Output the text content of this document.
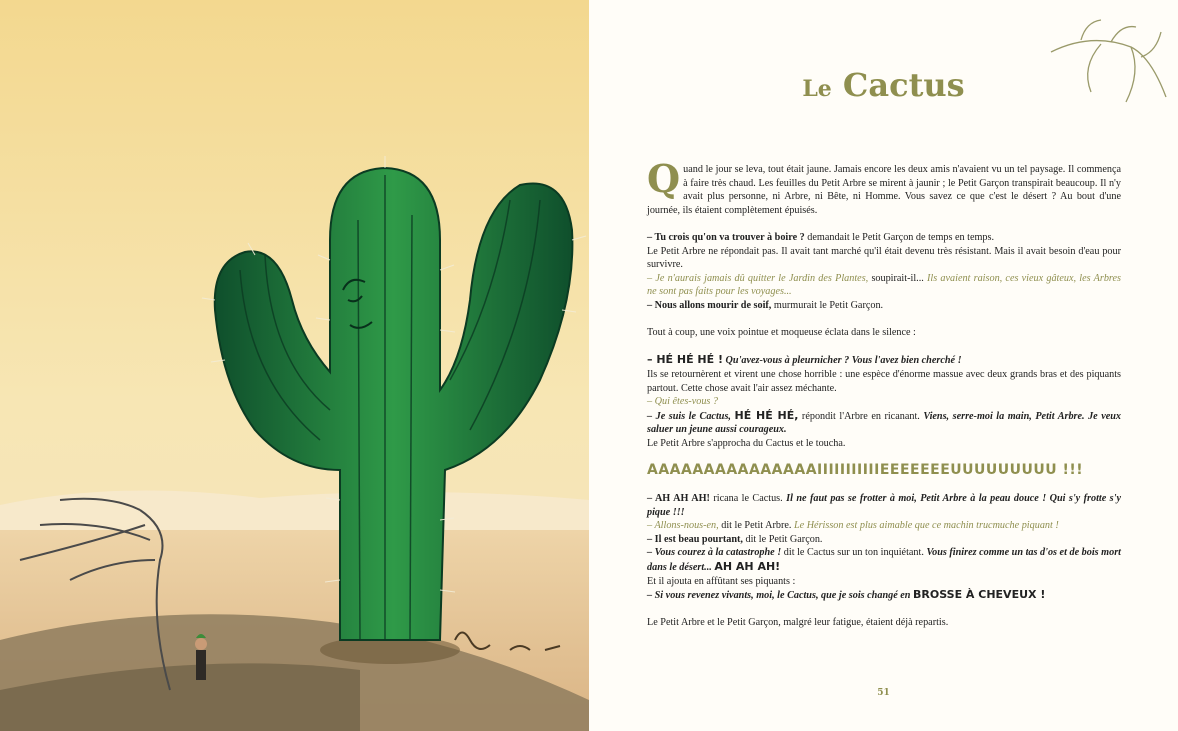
Le Cactus

Quand le jour se leva, tout était jaune. Jamais encore les deux amis n'avaient vu un tel paysage. Il commença à faire très chaud. Les feuilles du Petit Arbre se mirent à jaunir ; le Petit Garçon transpirait beaucoup. Il n'y avait plus personne, ni Arbre, ni Bête, ni Homme. Vous savez ce que c'est le désert ? Au bout d'une journée, ils étaient complètement épuisés.

– Tu crois qu'on va trouver à boire ? demandait le Petit Garçon de temps en temps.

Le Petit Arbre ne répondait pas. Il avait tant marché qu'il était devenu très résistant. Mais il avait besoin d'eau pour survivre.

– Je n'aurais jamais dû quitter le Jardin des Plantes, soupirait-il... Ils avaient raison, ces vieux gâteux, les Arbres ne sont pas faits pour les voyages...

– Nous allons mourir de soif, murmurait le Petit Garçon.

Tout à coup, une voix pointue et moqueuse éclata dans le silence :

– HÉ HÉ HÉ ! Qu'avez-vous à pleurnicher ? Vous l'avez bien cherché !

Ils se retournèrent et virent une chose horrible : une espèce d'énorme massue avec deux grands bras et des piquants partout. Cette chose avait l'air assez méchante.

– Qui êtes-vous ?

– Je suis le Cactus, HÉ HÉ HÉ, répondit l'Arbre en ricanant. Viens, serre-moi la main, Petit Arbre. Je veux saluer un jeune aussi courageux.

Le Petit Arbre s'approcha du Cactus et le toucha.

AAAAAAAAAAAAAAAIIIIIIIIIIIEEEEEEEUUUUUUUUU !!!

– AH AH AH! ricana le Cactus. Il ne faut pas se frotter à moi, Petit Arbre à la peau douce ! Qui s'y frotte s'y pique !!!

– Allons-nous-en, dit le Petit Arbre. Le Hérisson est plus aimable que ce machin trucmuche piquant !

– Il est beau pourtant, dit le Petit Garçon.

– Vous courez à la catastrophe ! dit le Cactus sur un ton inquiétant. Vous finirez comme un tas d'os et de bois mort dans le désert... AH AH AH!

Et il ajouta en affûtant ses piquants :

– Si vous revenez vivants, moi, le Cactus, que je sois changé en BROSSE À CHEVEUX !

Le Petit Arbre et le Petit Garçon, malgré leur fatigue, étaient déjà repartis.

51
